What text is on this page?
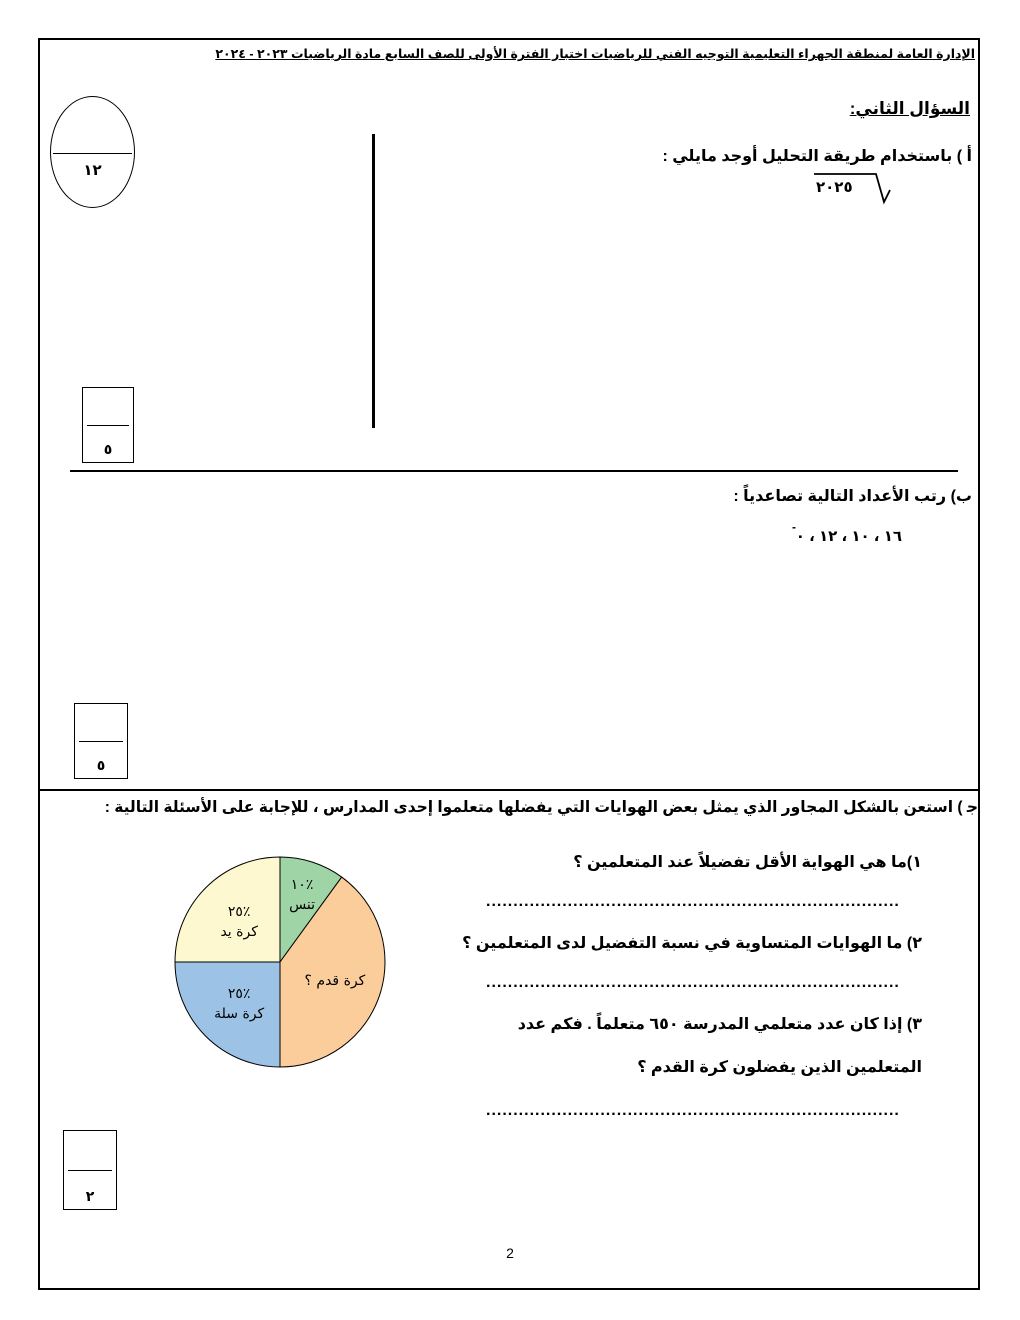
الإدارة العامة لمنطقة الجهراء التعليمية التوجيه الفني للرياضيات اختبار الفترة الأولى للصف السابع مادة الرياضيات ٢٠٢٣ - ٢٠٢٤
السؤال الثاني:
١٢
أ ) باستخدام طريقة التحليل أوجد مايلي :
٢٠٢٥
٥
ب) رتب الأعداد التالية تصاعدياً :
١٦ ، ١٠ ، ١٢ ، ٠
-
٥
ﺟ ) استعن بالشكل المجاور الذي يمثل بعض الهوايات التي يفضلها متعلموا إحدى المدارس ، للإجابة على الأسئلة التالية :
٪١٠
تنس
كرة قدم ؟
٪٢٥
كرة سلة
٪٢٥
كرة يد
١)ما هي الهواية الأقل تفضيلاً عند المتعلمين ؟
............................................................................
٢) ما الهوايات المتساوية في نسبة التفضيل لدى المتعلمين ؟
............................................................................
٣) إذا كان عدد متعلمي المدرسة ٦٥٠ متعلماً . فكم عدد
المتعلمين الذين يفضلون كرة القدم ؟
............................................................................
٢
2
